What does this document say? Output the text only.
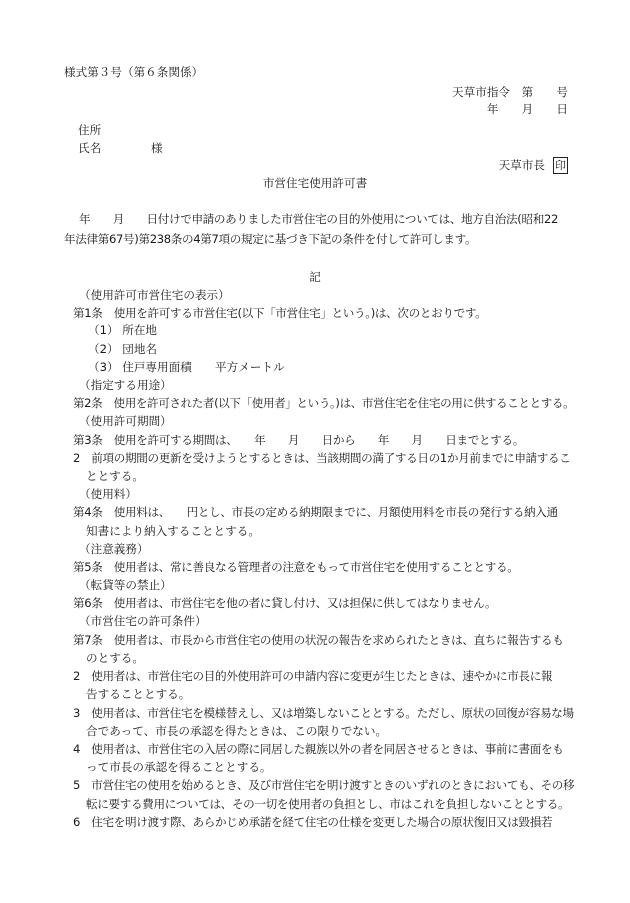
様式第３号（第６条関係）

天草市指令　第　　号

年　　月　　日

住所

氏名	様

天草市長 印

市営住宅使用許可書

年　　月　　日付けで申請のありました市営住宅の目的外使用については、地方自治法(昭和22

年法律第67号)第238条の4第7項の規定に基づき下記の条件を付して許可します。

記

（使用許可市営住宅の表示）

第1条　使用を許可する市営住宅(以下「市営住宅」という。)は、次のとおりです。

（1） 所在地

（2） 団地名

（3） 住戸専用面積　　平方メートル

（指定する用途）

第2条　使用を許可された者(以下「使用者」という。)は、市営住宅を住宅の用に供することとする。

（使用許可期間）

第3条　使用を許可する期間は、　　年　　月　　日から　　年　　月　　日までとする。

2　前項の期間の更新を受けようとするときは、当該期間の満了する日の1か月前までに申請するこ

ととする。

（使用料）

第4条　使用料は、　　円とし、市長の定める納期限までに、月額使用料を市長の発行する納入通

知書により納入することとする。

（注意義務）

第5条　使用者は、常に善良なる管理者の注意をもって市営住宅を使用することとする。

（転貸等の禁止）

第6条　使用者は、市営住宅を他の者に貸し付け、又は担保に供してはなりません。

（市営住宅の許可条件）

第7条　使用者は、市長から市営住宅の使用の状況の報告を求められたときは、直ちに報告するも

のとする。

2　使用者は、市営住宅の目的外使用許可の申請内容に変更が生じたときは、速やかに市長に報

告することとする。

3　使用者は、市営住宅を模様替えし、又は増築しないこととする。ただし、原状の回復が容易な場

合であって、市長の承認を得たときは、この限りでない。

4　使用者は、市営住宅の入居の際に同居した親族以外の者を同居させるときは、事前に書面をも

って市長の承認を得ることとする。

5　市営住宅の使用を始めるとき、及び市営住宅を明け渡すときのいずれのときにおいても、その移

転に要する費用については、その一切を使用者の負担とし、市はこれを負担しないこととする。

6　住宅を明け渡す際、あらかじめ承諾を経て住宅の仕様を変更した場合の原状復旧又は毀損若
